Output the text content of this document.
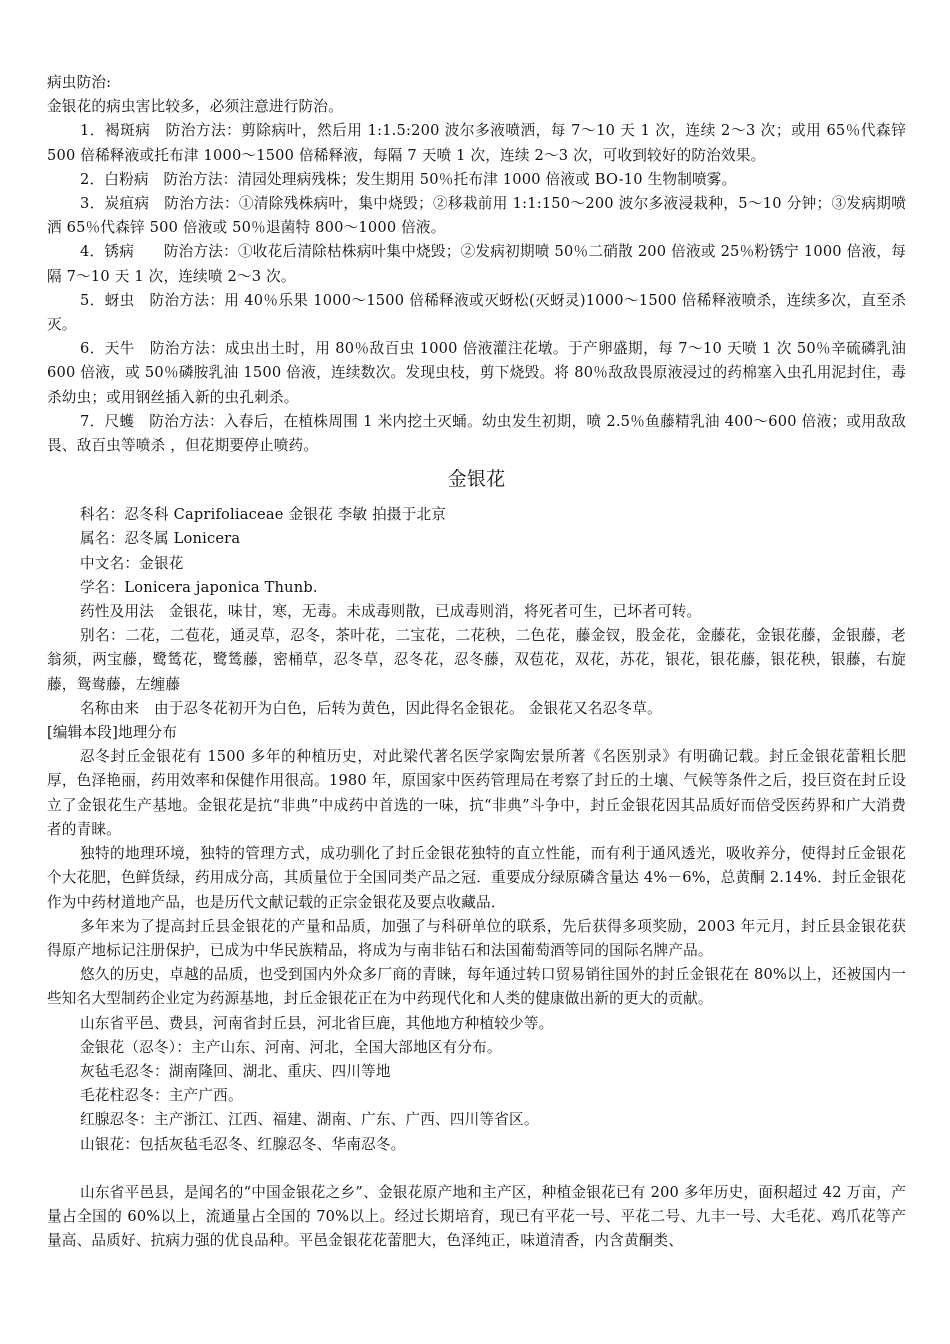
病虫防治:

金银花的病虫害比较多，必须注意进行防治。

1．褐斑病　防治方法：剪除病叶，然后用 1:1.5:200 波尔多液喷洒，每 7～10 天 1 次，连续 2～3 次；或用 65％代森锌 500 倍稀释液或托布津 1000～1500 倍稀释液，每隔 7 天喷 1 次，连续 2～3 次，可收到较好的防治效果。

2．白粉病　防治方法：清园处理病残株；发生期用 50％托布津 1000 倍液或 BO-10 生物制喷雾。

3．炭疽病　防治方法：①清除残株病叶，集中烧毁；②移栽前用 1:1:150～200 波尔多液浸栽种，5～10 分钟；③发病期喷洒 65％代森锌 500 倍液或 50％退菌特 800～1000 倍液。

4．锈病　　防治方法：①收花后清除枯株病叶集中烧毁；②发病初期喷 50％二硝散 200 倍液或 25％粉锈宁 1000 倍液，每隔 7～10 天 1 次，连续喷 2～3 次。

5．蚜虫　防治方法：用 40％乐果 1000～1500 倍稀释液或灭蚜松(灭蚜灵)1000～1500 倍稀释液喷杀，连续多次，直至杀灭。

6．天牛　防治方法：成虫出土时，用 80％敌百虫 1000 倍液灌注花墩。于产卵盛期，每 7～10 天喷 1 次 50％辛硫磷乳油 600 倍液，或 50％磷胺乳油 1500 倍液，连续数次。发现虫枝，剪下烧毁。将 80％敌敌畏原液浸过的药棉塞入虫孔用泥封住，毒杀幼虫；或用钢丝插入新的虫孔刺杀。

7．尺蠖　防治方法：入春后，在植株周围 1 米内挖土灭蛹。幼虫发生初期，喷 2.5％鱼藤精乳油 400～600 倍液；或用敌敌畏、敌百虫等喷杀 ，但花期要停止喷药。

金银花

科名：忍冬科 Caprifoliaceae 金银花 李敏 拍摄于北京

属名：忍冬属 Lonicera

中文名：金银花

学名：Lonicera japonica Thunb.

药性及用法　金银花，味甘，寒，无毒。未成毒则散，已成毒则消，将死者可生，已坏者可转。

别名：二花，二苞花，通灵草，忍冬，茶叶花，二宝花，二花秧，二色花，藤金钗，股金花，金藤花，金银花藤，金银藤，老翁须，两宝藤，鹭鸶花，鹭鸶藤，密桶草，忍冬草，忍冬花，忍冬藤，双苞花，双花，苏花，银花，银花藤，银花秧，银藤，右旋藤，鸳鸯藤，左缠藤

名称由来　由于忍冬花初开为白色，后转为黄色，因此得名金银花。 金银花又名忍冬草。

[编辑本段]地理分布

忍冬封丘金银花有 1500 多年的种植历史，对此梁代著名医学家陶宏景所著《名医别录》有明确记载。封丘金银花蕾粗长肥厚，色泽艳丽，药用效率和保健作用很高。1980 年，原国家中医药管理局在考察了封丘的土壤、气候等条件之后，投巨资在封丘设立了金银花生产基地。金银花是抗“非典”中成药中首选的一味，抗“非典”斗争中，封丘金银花因其品质好而倍受医药界和广大消费者的青睐。

独特的地理环境，独特的管理方式，成功驯化了封丘金银花独特的直立性能，而有利于通风透光，吸收养分，使得封丘金银花个大花肥，色鲜货绿，药用成分高，其质量位于全国同类产品之冠．重要成分绿原磷含量达 4%－6%，总黄酮 2.14%．封丘金银花作为中药材道地产品，也是历代文献记载的正宗金银花及要点收藏品．

多年来为了提高封丘县金银花的产量和品质，加强了与科研单位的联系，先后获得多项奖励，2003 年元月，封丘县金银花获得原产地标记注册保护，已成为中华民族精品，将成为与南非钻石和法国葡萄酒等同的国际名牌产品。

悠久的历史，卓越的品质，也受到国内外众多厂商的青睐，每年通过转口贸易销往国外的封丘金银花在 80%以上，还被国内一些知名大型制药企业定为药源基地，封丘金银花正在为中药现代化和人类的健康做出新的更大的贡献。

山东省平邑、费县，河南省封丘县，河北省巨鹿，其他地方种植较少等。

金银花（忍冬）：主产山东、河南、河北，全国大部地区有分布。

灰毡毛忍冬：湖南隆回、湖北、重庆、四川等地

毛花柱忍冬：主产广西。

红腺忍冬：主产浙江、江西、福建、湖南、广东、广西、四川等省区。

山银花：包括灰毡毛忍冬、红腺忍冬、华南忍冬。

山东省平邑县，是闻名的“中国金银花之乡”、金银花原产地和主产区，种植金银花已有 200 多年历史，面积超过 42 万亩，产量占全国的 60%以上，流通量占全国的 70%以上。经过长期培育，现已有平花一号、平花二号、九丰一号、大毛花、鸡爪花等产量高、品质好、抗病力强的优良品种。平邑金银花花蕾肥大，色泽纯正，味道清香，内含黄酮类、
